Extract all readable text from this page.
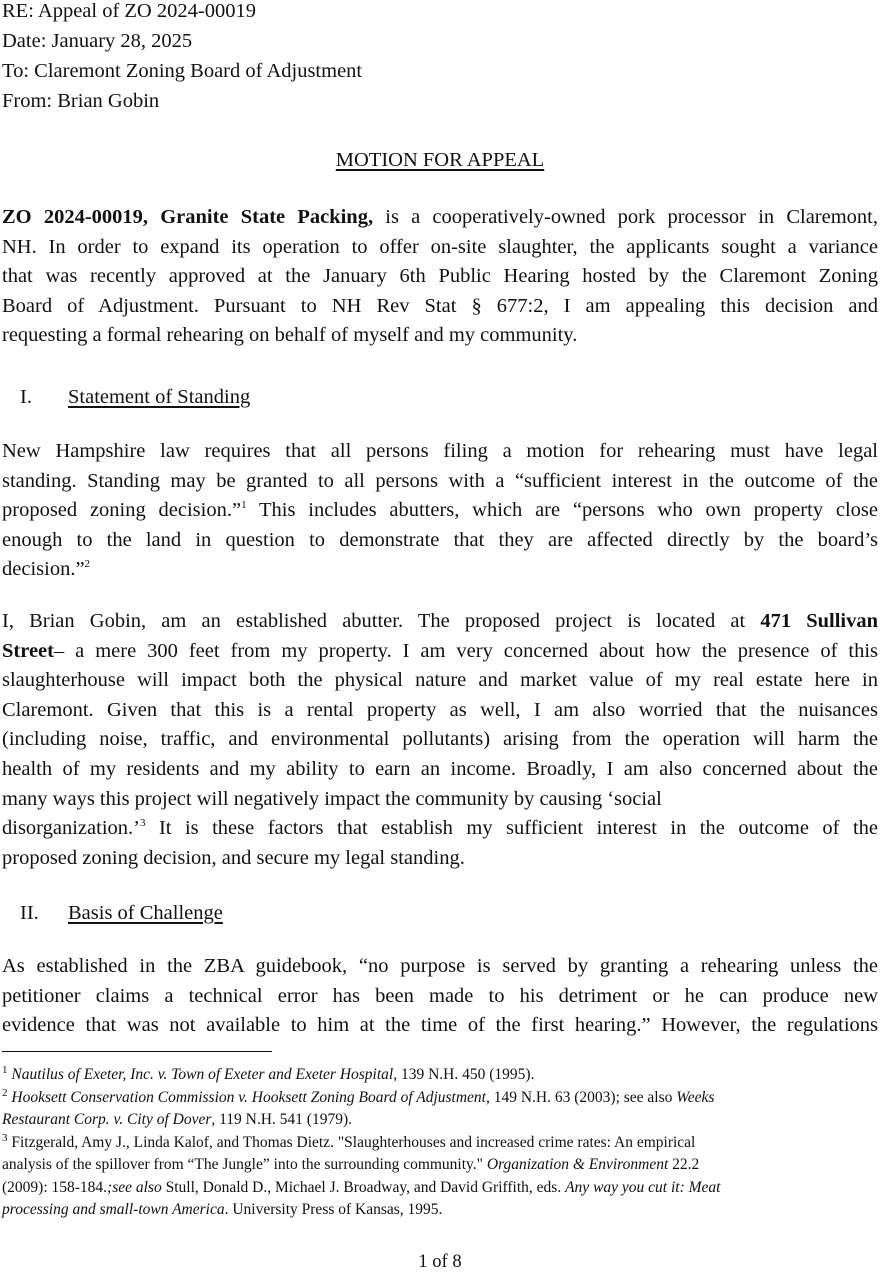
RE: Appeal of ZO 2024-00019
Date: January 28, 2025
To: Claremont Zoning Board of Adjustment
From: Brian Gobin
MOTION FOR APPEAL
ZO 2024-00019, Granite State Packing, is a cooperatively-owned pork processor in Claremont,
NH. In order to expand its operation to offer on-site slaughter, the applicants sought a variance
that was recently approved at the January 6th Public Hearing hosted by the Claremont Zoning
Board of Adjustment. Pursuant to NH Rev Stat § 677:2, I am appealing this decision and
requesting a formal rehearing on behalf of myself and my community.
I. Statement of Standing
New Hampshire law requires that all persons filing a motion for rehearing must have legal
standing. Standing may be granted to all persons with a “sufficient interest in the outcome of the
proposed zoning decision.”$^1$ This includes abutters, which are “persons who own property close
enough to the land in question to demonstrate that they are affected directly by the board’s
decision.”$^2$
I, Brian Gobin, am an established abutter. The proposed project is located at 471 Sullivan
Street– a mere 300 feet from my property. I am very concerned about how the presence of this
slaughterhouse will impact both the physical nature and market value of my real estate here in
Claremont. Given that this is a rental property as well, I am also worried that the nuisances
(including noise, traffic, and environmental pollutants) arising from the operation will harm the
health of my residents and my ability to earn an income. Broadly, I am also concerned about the
many ways this project will negatively impact the community by causing ‘social
disorganization.’$^3$ It is these factors that establish my sufficient interest in the outcome of the
proposed zoning decision, and secure my legal standing.
II. Basis of Challenge
As established in the ZBA guidebook, “no purpose is served by granting a rehearing unless the
petitioner claims a technical error has been made to his detriment or he can produce new
evidence that was not available to him at the time of the first hearing.” However, the regulations
$^1$ Nautilus of Exeter, Inc. v. Town of Exeter and Exeter Hospital, 139 N.H. 450 (1995).
$^2$ Hooksett Conservation Commission v. Hooksett Zoning Board of Adjustment, 149 N.H. 63 (2003); see also Weeks
Restaurant Corp. v. City of Dover, 119 N.H. 541 (1979).
$^3$ Fitzgerald, Amy J., Linda Kalof, and Thomas Dietz. "Slaughterhouses and increased crime rates: An empirical
analysis of the spillover from “The Jungle” into the surrounding community." Organization & Environment 22.2
(2009): 158-184.;see also Stull, Donald D., Michael J. Broadway, and David Griffith, eds. Any way you cut it: Meat
processing and small-town America. University Press of Kansas, 1995.
1 of 8
